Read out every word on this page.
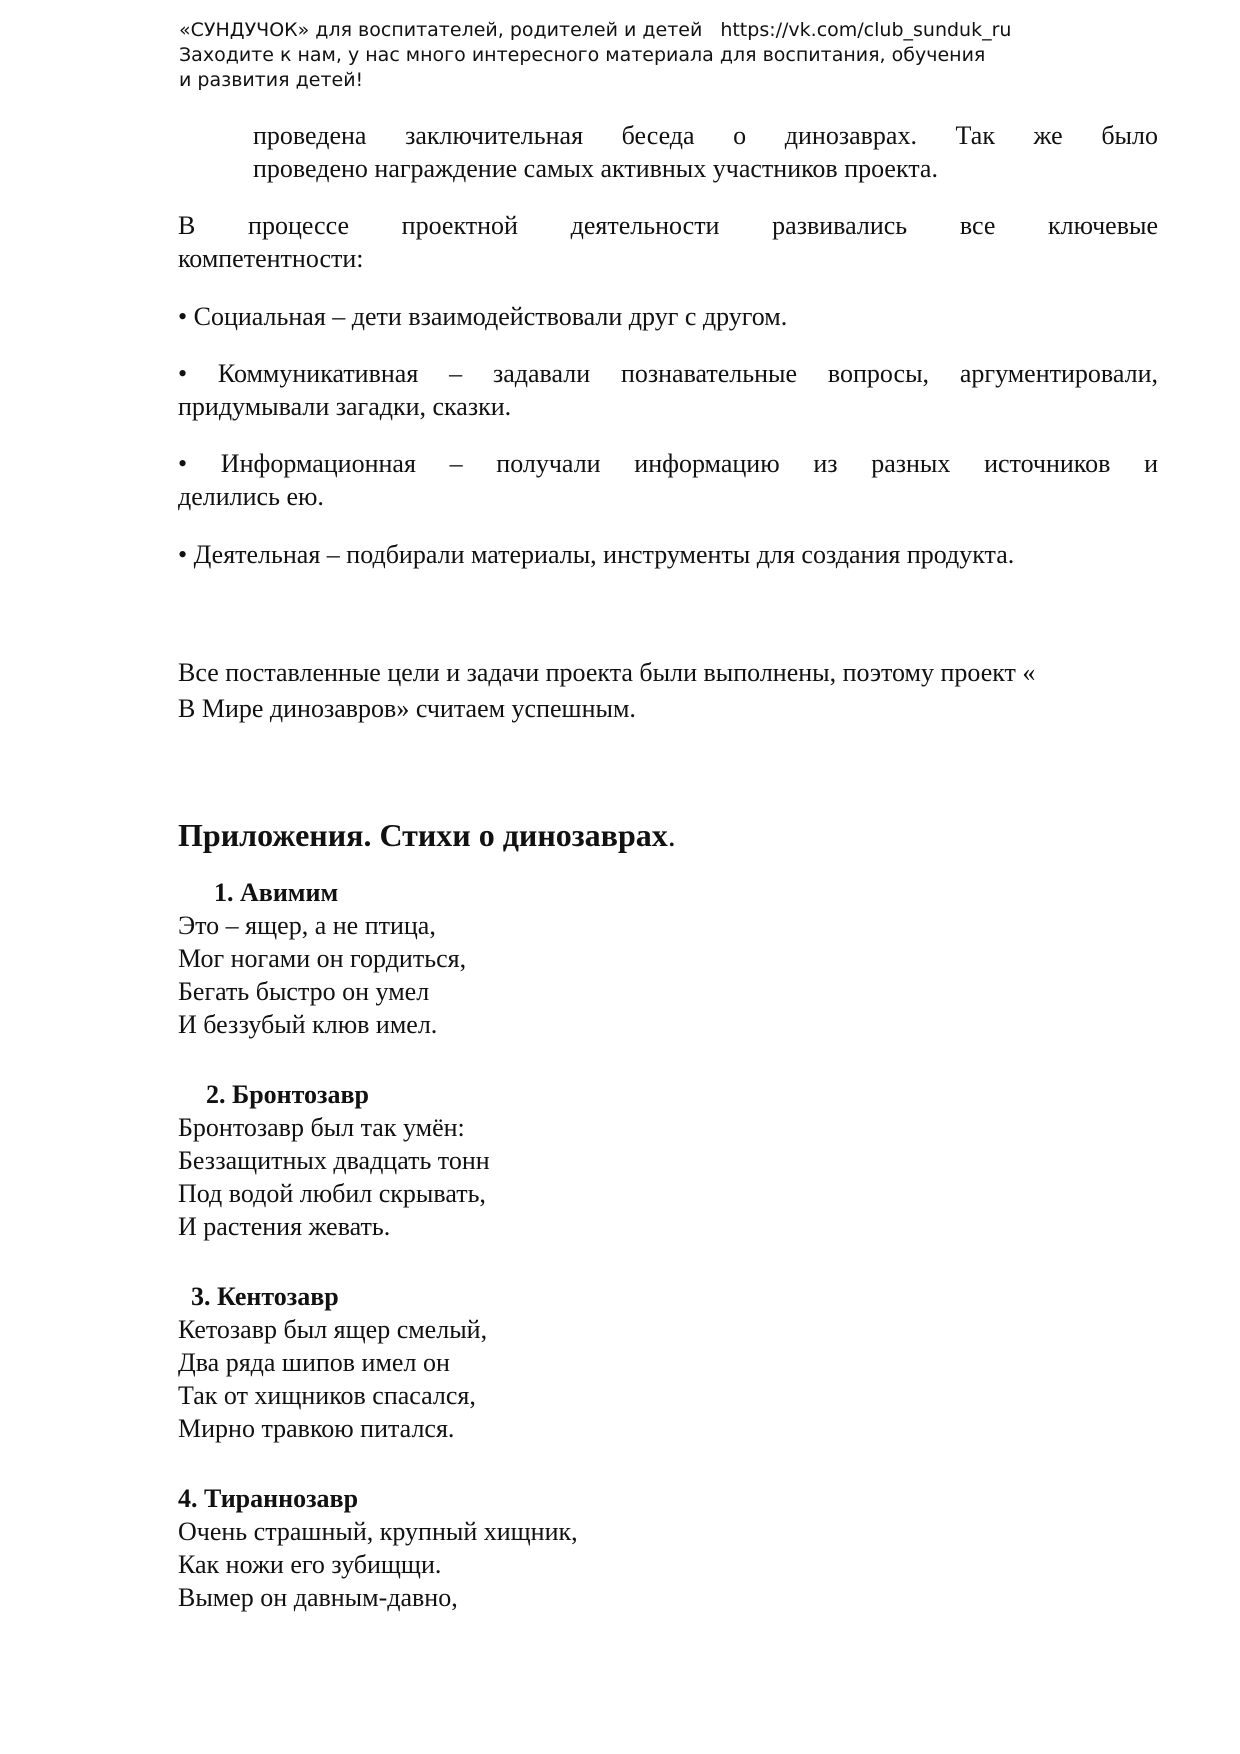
«СУНДУЧОК» для воспитателей, родителей и детей https://vk.com/club_sunduk_ru
Заходите к нам, у нас много интересного материала для воспитания, обучения
и развития детей!
проведена заключительная беседа о динозаврах. Так же было
проведено награждение самых активных участников проекта.
В процессе проектной деятельности развивались все ключевые
компетентности:
• Социальная – дети взаимодействовали друг с другом.
• Коммуникативная – задавали познавательные вопросы, аргументировали,
придумывали загадки, сказки.
• Информационная – получали информацию из разных источников и
делились ею.
• Деятельная – подбирали материалы, инструменты для создания продукта.
Все поставленные цели и задачи проекта были выполнены, поэтому проект «
В Мире динозавров» считаем успешным.
Приложения. Стихи о динозаврах.
1. Авимим
Это – ящер, а не птица,
Мог ногами он гордиться,
Бегать быстро он умел
И беззубый клюв имел.
2. Бронтозавр
Бронтозавр был так умён:
Беззащитных двадцать тонн
Под водой любил скрывать,
И растения жевать.
3. Кентозавр
Кетозавр был ящер смелый,
Два ряда шипов имел он
Так от хищников спасался,
Мирно травкою питался.
4. Тираннозавр
Очень страшный, крупный хищник,
Как ножи его зубищщи.
Вымер он давным-давно,
